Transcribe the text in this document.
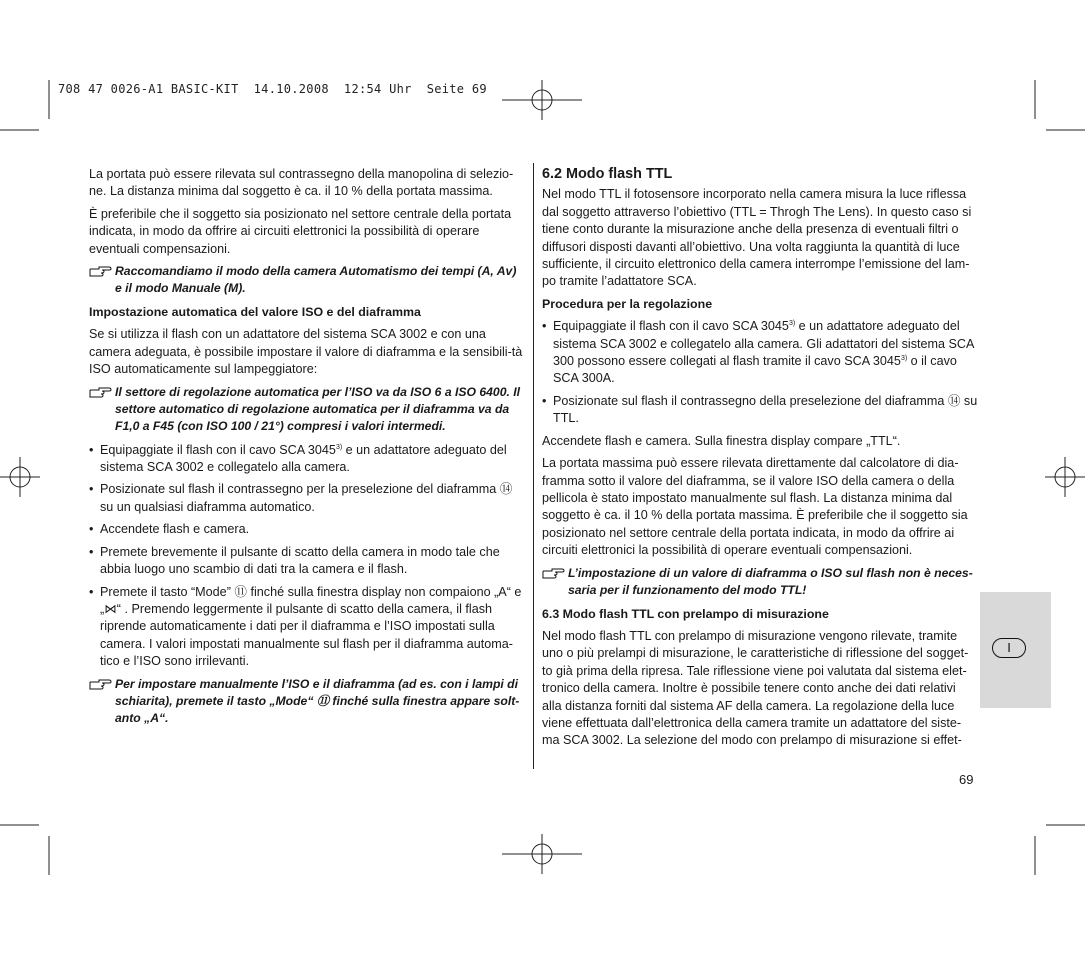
708 47 0026-A1 BASIC-KIT  14.10.2008  12:54 Uhr  Seite 69

La portata può essere rilevata sul contrassegno della manopolina di selezio-ne. La distanza minima dal soggetto è ca. il 10 % della portata massima.

È preferibile che il soggetto sia posizionato nel settore centrale della portata indicata, in modo da offrire ai circuiti elettronici la possibilità di operare eventuali compensazioni.

Raccomandiamo il modo della camera Automatismo dei tempi (A, Av) e il modo Manuale (M).
Impostazione automatica del valore ISO e del diaframma

Se si utilizza il flash con un adattatore del sistema SCA 3002 e con una camera adeguata, è possibile impostare il valore di diaframma e la sensibili-tà ISO automaticamente sul lampeggiatore:

Il settore di regolazione automatica per l’ISO va da ISO 6 a ISO 6400. Il settore automatico di regolazione automatica per il diaframma va da F1,0 a F45 (con ISO 100 / 21°) compresi i valori intermedi.
• Equipaggiate il flash con il cavo SCA 3045$^{3)}$ e un adattatore adeguato del sistema SCA 3002 e collegatelo alla camera.
• Posizionate sul flash il contrassegno per la preselezione del diaframma ⑭ su un qualsiasi diaframma automatico.
• Accendete flash e camera.
• Premete brevemente il pulsante di scatto della camera in modo tale che abbia luogo uno scambio di dati tra la camera e il flash.
• Premete il tasto “Mode” ⑪ finché sulla finestra display non compaiono „A“ e „⋈“ . Premendo leggermente il pulsante di scatto della camera, il flash riprende automaticamente i dati per il diaframma e l’ISO impostati sulla camera. I valori impostati manualmente sul flash per il diaframma automa-tico e l’ISO sono irrilevanti.
Per impostare manualmente l’ISO e il diaframma (ad es. con i lampi di schiarita), premete il tasto „Mode“ ⑪ finché sulla finestra appare solt-anto „A“.
6.2 Modo flash TTL

Nel modo TTL il fotosensore incorporato nella camera misura la luce riflessa dal soggetto attraverso l’obiettivo (TTL = Throgh The Lens). In questo caso si tiene conto durante la misurazione anche della presenza di eventuali filtri o diffusori disposti davanti all’obiettivo. Una volta raggiunta la quantità di luce sufficiente, il circuito elettronico della camera interrompe l’emissione del lam-po tramite l’adattatore SCA.

Procedura per la regolazione
• Equipaggiate il flash con il cavo SCA 3045$^{3)}$ e un adattatore adeguato del sistema SCA 3002 e collegatelo alla camera. Gli adattatori del sistema SCA 300 possono essere collegati al flash tramite il cavo SCA 3045$^{3)}$ o il cavo SCA 300A.
• Posizionate sul flash il contrassegno della preselezione del diaframma ⑭ su TTL.

Accendete flash e camera. Sulla finestra display compare „TTL“.

La portata massima può essere rilevata direttamente dal calcolatore di dia-framma sotto il valore del diaframma, se il valore ISO della camera o della pellicola è stato impostato manualmente sul flash. La distanza minima dal soggetto è ca. il 10 % della portata massima. È preferibile che il soggetto sia posizionato nel settore centrale della portata indicata, in modo da offrire ai circuiti elettronici la possibilità di operare eventuali compensazioni.

L’impostazione di un valore di diaframma o ISO sul flash non è neces-saria per il funzionamento del modo TTL!
6.3 Modo flash TTL con prelampo di misurazione

Nel modo flash TTL con prelampo di misurazione vengono rilevate, tramite uno o più prelampi di misurazione, le caratteristiche di riflessione del sogget-to già prima della ripresa. Tale riflessione viene poi valutata dal sistema elet-tronico della camera. Inoltre è possibile tenere conto anche dei dati relativi alla distanza forniti dal sistema AF della camera. La regolazione della luce viene effettuata dall’elettronica della camera tramite un adattatore del siste-ma SCA 3002. La selezione del modo con prelampo di misurazione si effet-

I
69
